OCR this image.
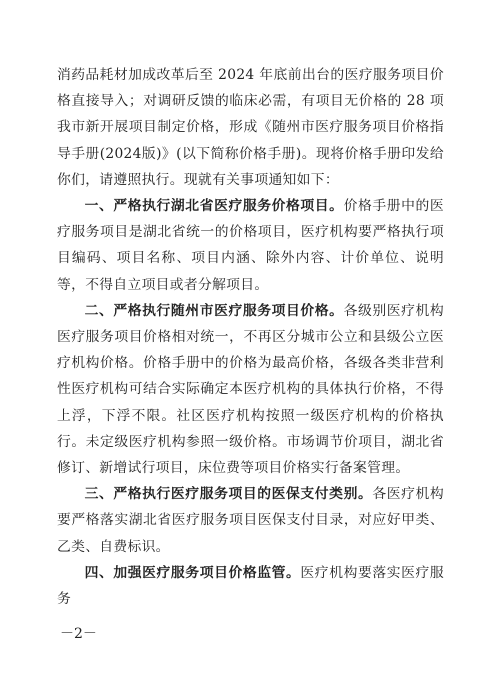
消药品耗材加成改革后至 2024 年底前出台的医疗服务项目价格直接导入；对调研反馈的临床必需，有项目无价格的 28 项我市新开展项目制定价格，形成《随州市医疗服务项目价格指导手册(2024版)》(以下简称价格手册)。现将价格手册印发给你们，请遵照执行。现就有关事项通知如下：

一、严格执行湖北省医疗服务价格项目。价格手册中的医疗服务项目是湖北省统一的价格项目，医疗机构要严格执行项目编码、项目名称、项目内涵、除外内容、计价单位、说明等，不得自立项目或者分解项目。

二、严格执行随州市医疗服务项目价格。各级别医疗机构医疗服务项目价格相对统一，不再区分城市公立和县级公立医疗机构价格。价格手册中的价格为最高价格，各级各类非营利性医疗机构可结合实际确定本医疗机构的具体执行价格，不得上浮，下浮不限。社区医疗机构按照一级医疗机构的价格执行。未定级医疗机构参照一级价格。市场调节价项目，湖北省修订、新增试行项目，床位费等项目价格实行备案管理。

三、严格执行医疗服务项目的医保支付类别。各医疗机构要严格落实湖北省医疗服务项目医保支付目录，对应好甲类、乙类、自费标识。

四、加强医疗服务项目价格监管。医疗机构要落实医疗服务

－2－
